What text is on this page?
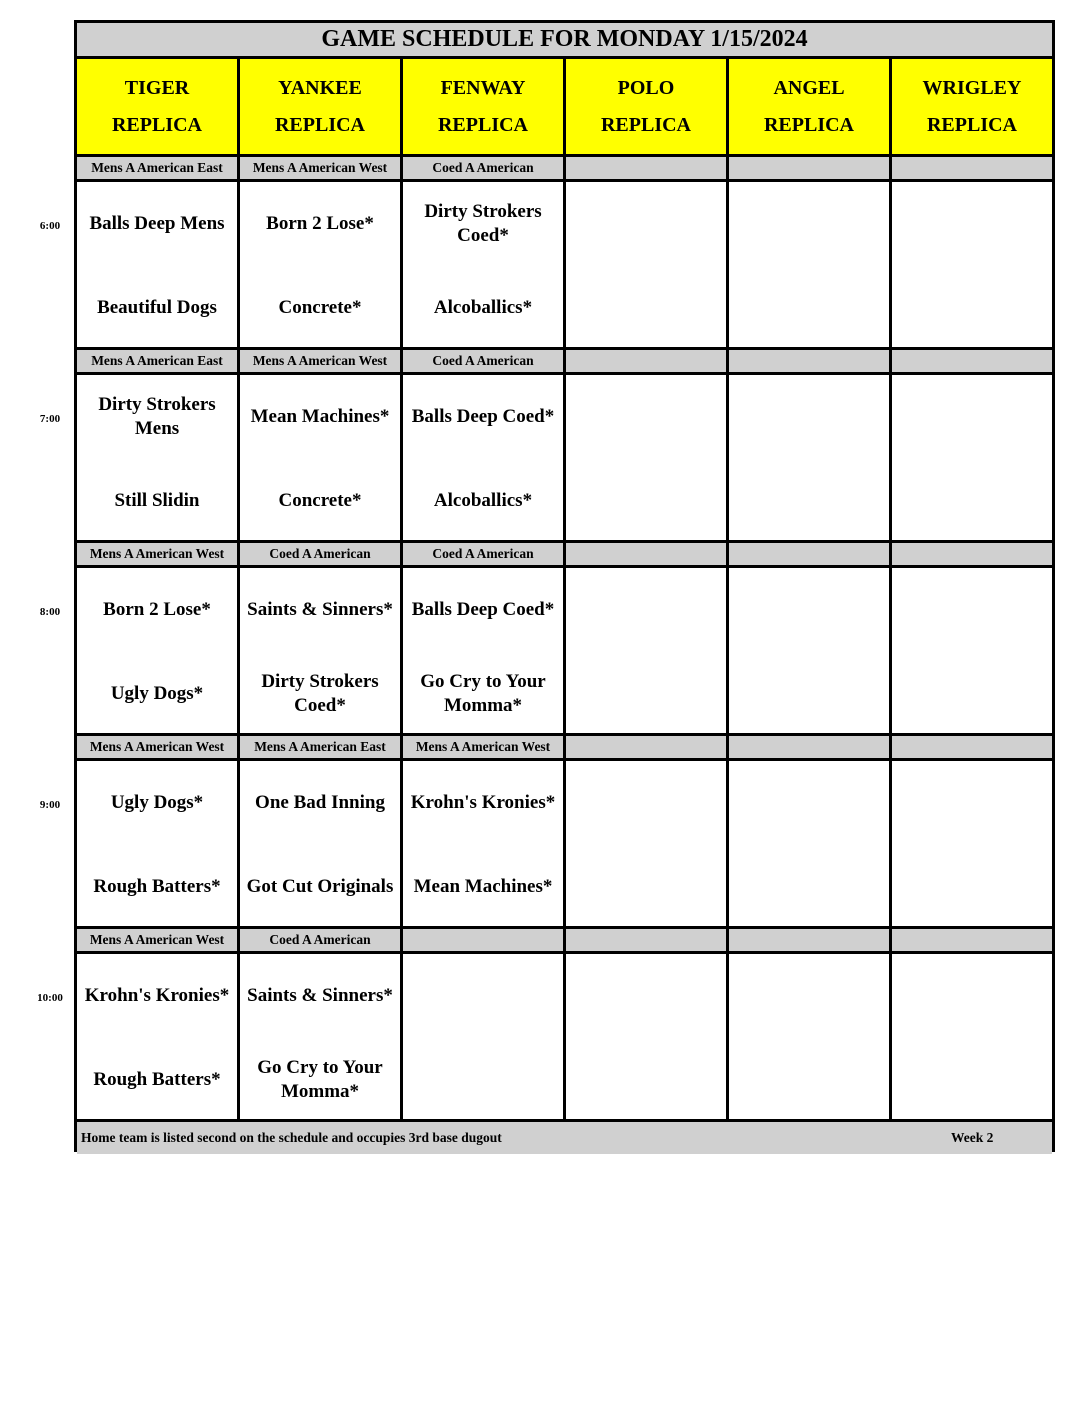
GAME SCHEDULE FOR MONDAY 1/15/2024
TIGER
REPLICA
YANKEE
REPLICA
FENWAY
REPLICA
POLO
REPLICA
ANGEL
REPLICA
WRIGLEY
REPLICA
Mens A American East
Balls Deep Mens
Beautiful Dogs
Mens A American West
Born 2 Lose*
Concrete*
Coed A American
Dirty Strokers Coed*
Alcoballics*
Mens A American East
Dirty Strokers Mens
Still Slidin
Mens A American West
Mean Machines*
Concrete*
Coed A American
Balls Deep Coed*
Alcoballics*
Mens A American West
Born 2 Lose*
Ugly Dogs*
Coed A American
Saints & Sinners*
Dirty Strokers Coed*
Coed A American
Balls Deep Coed*
Go Cry to Your Momma*
Mens A American West
Ugly Dogs*
Rough Batters*
Mens A American East
One Bad Inning
Got Cut Originals
Mens A American West
Krohn's Kronies*
Mean Machines*
Mens A American West
Krohn's Kronies*
Rough Batters*
Coed A American
Saints & Sinners*
Go Cry to Your Momma*
Home team is listed second on the schedule and occupies 3rd base dugout	Week 2
6:00
7:00
8:00
9:00
10:00
